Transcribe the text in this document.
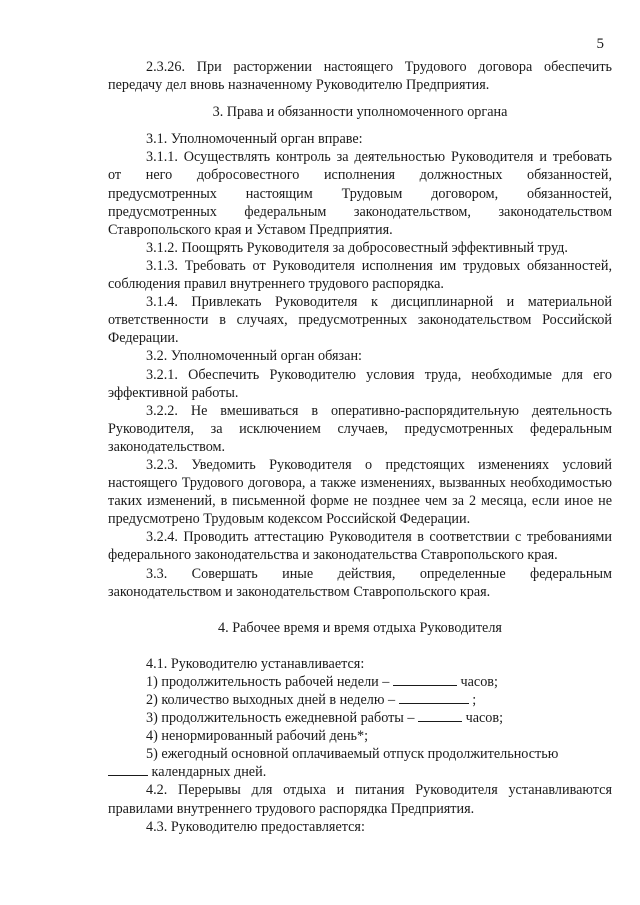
5

2.3.26. При расторжении настоящего Трудового договора обеспечить передачу дел вновь назначенному Руководителю Предприятия.

3. Права и обязанности уполномоченного органа

3.1. Уполномоченный орган вправе:

3.1.1. Осуществлять контроль за деятельностью Руководителя и требовать от него добросовестного исполнения должностных обязанностей, предусмотренных настоящим Трудовым договором, обязанностей, предусмотренных федеральным законодательством, законодательством Ставропольского края и Уставом Предприятия.

3.1.2. Поощрять Руководителя за добросовестный эффективный труд.

3.1.3. Требовать от Руководителя исполнения им трудовых обязанностей, соблюдения правил внутреннего трудового распорядка.

3.1.4. Привлекать Руководителя к дисциплинарной и материальной ответственности в случаях, предусмотренных законодательством Российской Федерации.

3.2. Уполномоченный орган обязан:

3.2.1. Обеспечить Руководителю условия труда, необходимые для его эффективной работы.

3.2.2. Не вмешиваться в оперативно-распорядительную деятельность Руководителя, за исключением случаев, предусмотренных федеральным законодательством.

3.2.3. Уведомить Руководителя о предстоящих изменениях условий настоящего Трудового договора, а также изменениях, вызванных необходимостью таких изменений, в письменной форме не позднее чем за 2 месяца, если иное не предусмотрено Трудовым кодексом Российской Федерации.

3.2.4. Проводить аттестацию Руководителя в соответствии с требованиями федерального законодательства и законодательства Ставропольского края.

3.3. Совершать иные действия, определенные федеральным законодательством и законодательством Ставропольского края.

4. Рабочее время и время отдыха Руководителя

4.1. Руководителю устанавливается:

1) продолжительность рабочей недели –	часов;

2) количество выходных дней в неделю –	;

3) продолжительность ежедневной работы –	часов;

4) ненормированный рабочий день*;

5) ежегодный основной оплачиваемый отпуск продолжительностью

календарных дней.

4.2. Перерывы для отдыха и питания Руководителя устанавливаются правилами внутреннего трудового распорядка Предприятия.

4.3. Руководителю предоставляется:
